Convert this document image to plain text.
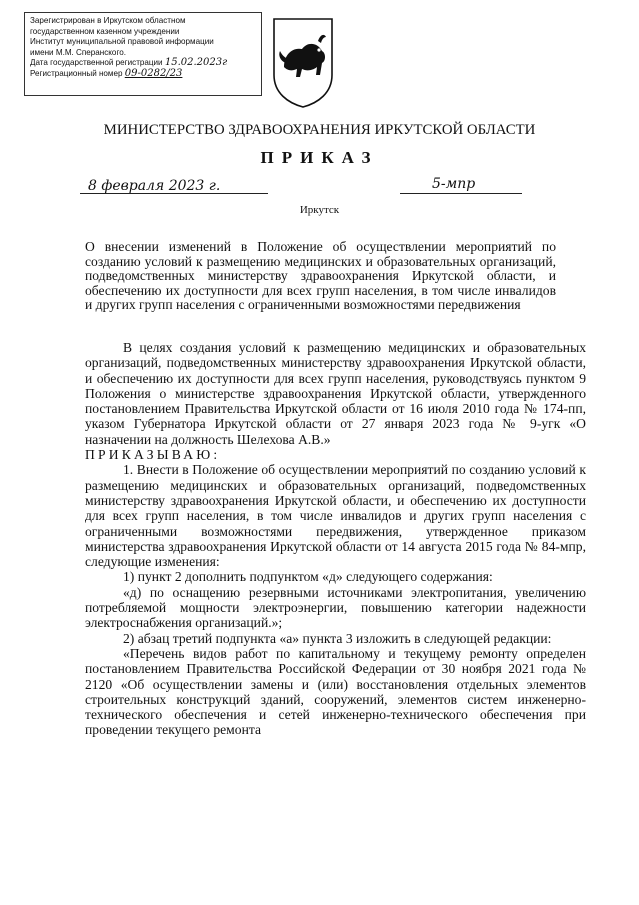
Зарегистрирован в Иркутском областном
государственном казенном учреждении
Институт муниципальной правовой информации
имени М.М. Сперанского.
Дата государственной регистрации 15.02.2023г
Регистрационный номер 09-0282/23
МИНИСТЕРСТВО ЗДРАВООХРАНЕНИЯ ИРКУТСКОЙ ОБЛАСТИ
ПРИКАЗ
8 февраля 2023 г.	5-мпр
Иркутск
О внесении изменений в Положение об осуществлении мероприятий по созданию условий к размещению медицинских и образовательных организаций, подведомственных министерству здравоохранения Иркутской области, и обеспечению их доступности для всех групп населения, в том числе инвалидов и других групп населения с ограниченными возможностями передвижения

В целях создания условий к размещению медицинских и образовательных организаций, подведомственных министерству здравоохранения Иркутской области, и обеспечению их доступности для всех групп населения, руководствуясь пунктом 9 Положения о министерстве здравоохранения Иркутской области, утвержденного постановлением Правительства Иркутской области от 16 июля 2010 года № 174-пп, указом Губернатора Иркутской области от 27 января 2023 года № 9-угк «О назначении на должность Шелехова А.В.»

ПРИКАЗЫВАЮ:

1. Внести в Положение об осуществлении мероприятий по созданию условий к размещению медицинских и образовательных организаций, подведомственных министерству здравоохранения Иркутской области, и обеспечению их доступности для всех групп населения, в том числе инвалидов и других групп населения с ограниченными возможностями передвижения, утвержденное приказом министерства здравоохранения Иркутской области от 14 августа 2015 года № 84-мпр, следующие изменения:

1) пункт 2 дополнить подпунктом «д» следующего содержания:

«д) по оснащению резервными источниками электропитания, увеличению потребляемой мощности электроэнергии, повышению категории надежности электроснабжения организаций.»;

2) абзац третий подпункта «а» пункта 3 изложить в следующей редакции:

«Перечень видов работ по капитальному и текущему ремонту определен постановлением Правительства Российской Федерации от 30 ноября 2021 года № 2120 «Об осуществлении замены и (или) восстановления отдельных элементов строительных конструкций зданий, сооружений, элементов систем инженерно-технического обеспечения и сетей инженерно-технического обеспечения при проведении текущего ремонта
